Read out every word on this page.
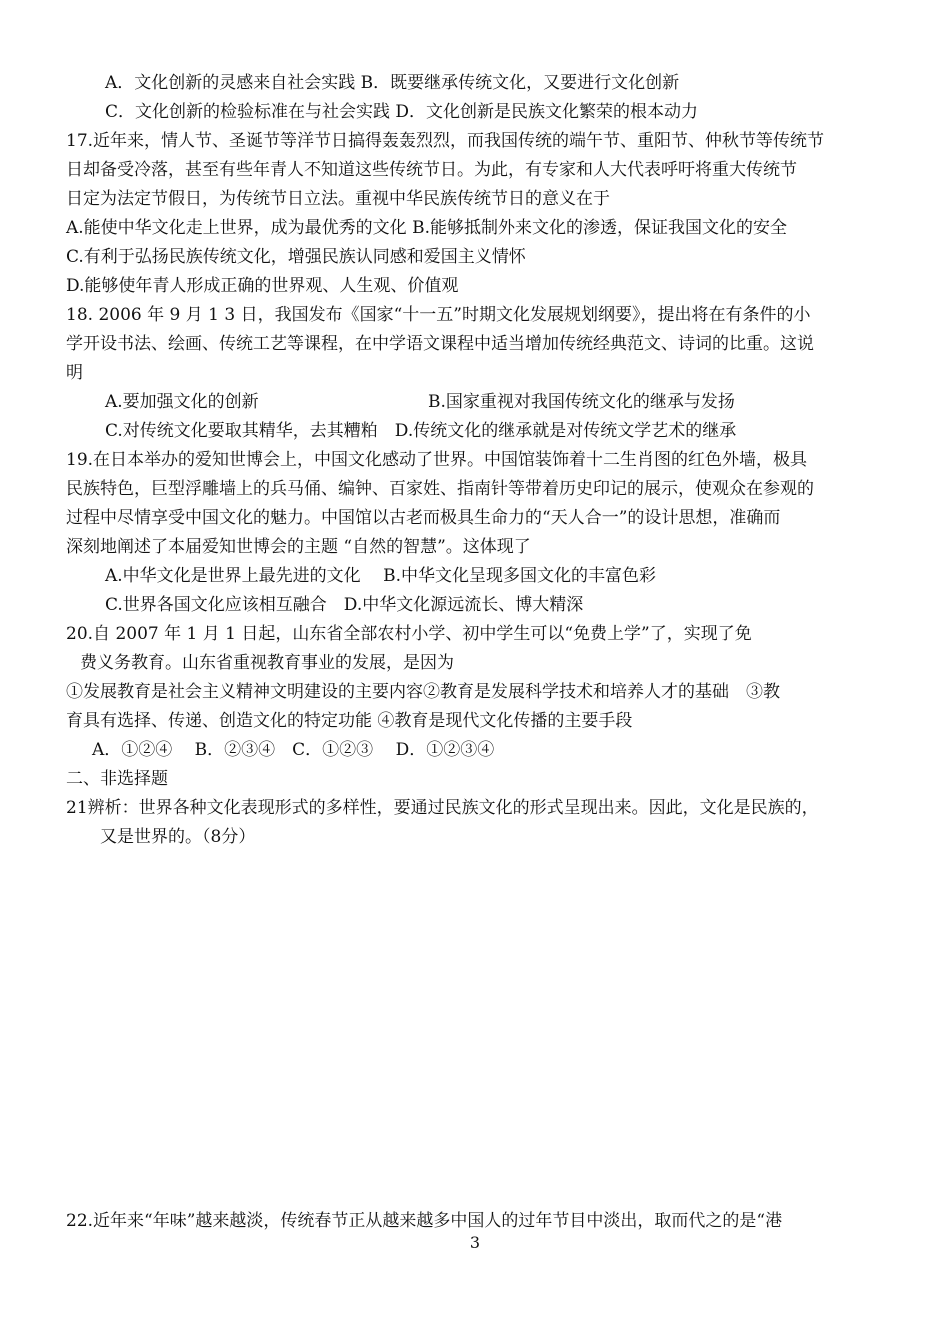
A．文化创新的灵感来自社会实践 B．既要继承传统文化，又要进行文化创新
C．文化创新的检验标准在与社会实践 D．文化创新是民族文化繁荣的根本动力
17.近年来，情人节、圣诞节等洋节日搞得轰轰烈烈，而我国传统的端午节、重阳节、仲秋节等传统节
日却备受冷落，甚至有些年青人不知道这些传统节日。为此，有专家和人大代表呼吁将重大传统节
日定为法定节假日，为传统节日立法。重视中华民族传统节日的意义在于
A.能使中华文化走上世界，成为最优秀的文化 B.能够抵制外来文化的渗透，保证我国文化的安全
C.有利于弘扬民族传统文化，增强民族认同感和爱国主义情怀
D.能够使年青人形成正确的世界观、人生观、价值观
18. 2006 年 9 月 1 3 日，我国发布《国家“十一五”时期文化发展规划纲要》，提出将在有条件的小
学开设书法、绘画、传统工艺等课程，在中学语文课程中适当增加传统经典范文、诗词的比重。这说
明
A.要加强文化的创新	B.国家重视对我国传统文化的继承与发扬
C.对传统文化要取其精华，去其糟粕　D.传统文化的继承就是对传统文学艺术的继承
19.在日本举办的爱知世博会上，中国文化感动了世界。中国馆装饰着十二生肖图的红色外墙，极具
民族特色，巨型浮雕墙上的兵马俑、编钟、百家姓、指南针等带着历史印记的展示，使观众在参观的
过程中尽情享受中国文化的魅力。中国馆以古老而极具生命力的“天人合一”的设计思想，准确而
深刻地阐述了本届爱知世博会的主题 “自然的智慧”。这体现了
A.中华文化是世界上最先进的文化　 B.中华文化呈现多国文化的丰富色彩
C.世界各国文化应该相互融合　D.中华文化源远流长、博大精深
20.自 2007 年 1 月 1 日起，山东省全部农村小学、初中学生可以“免费上学”了，实现了免
费义务教育。山东省重视教育事业的发展，是因为
①发展教育是社会主义精神文明建设的主要内容②教育是发展科学技术和培养人才的基础　③教
育具有选择、传递、创造文化的特定功能 ④教育是现代文化传播的主要手段
A．①②④　 B．②③④　C．①②③　 D．①②③④
二、非选择题
21辨析：世界各种文化表现形式的多样性，要通过民族文化的形式呈现出来。因此，文化是民族的，
又是世界的。（8分）
22.近年来“年味”越来越淡，传统春节正从越来越多中国人的过年节目中淡出，取而代之的是“港
3
